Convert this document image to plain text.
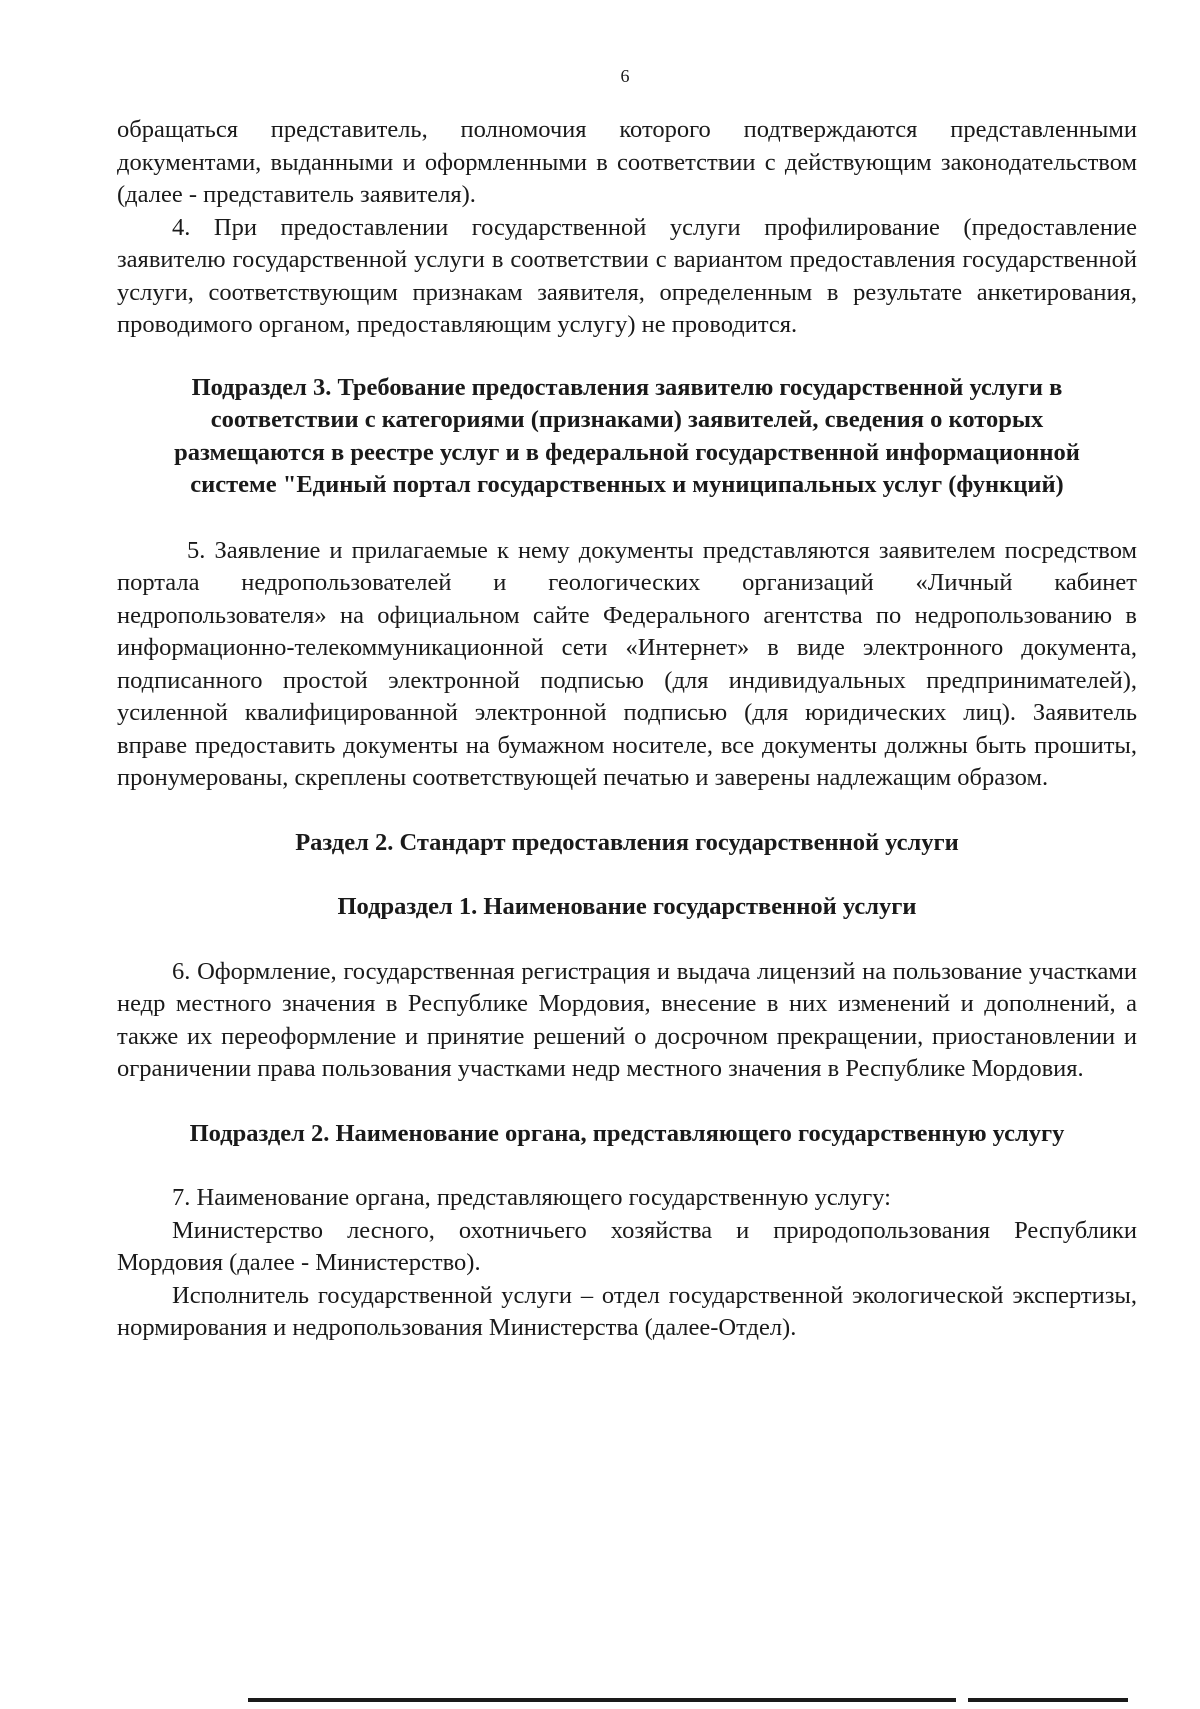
6

обращаться представитель, полномочия которого подтверждаются представленными документами, выданными и оформленными в соответствии с действующим законодательством (далее - представитель заявителя).

4. При предоставлении государственной услуги профилирование (предоставление заявителю государственной услуги в соответствии с вариантом предоставления государственной услуги, соответствующим признакам заявителя, определенным в результате анкетирования, проводимого органом, предоставляющим услугу) не проводится.

Подраздел 3. Требование предоставления заявителю государственной услуги в соответствии с категориями (признаками) заявителей, сведения о которых размещаются в реестре услуг и в федеральной государственной информационной системе "Единый портал государственных и муниципальных услуг (функций)

5. Заявление и прилагаемые к нему документы представляются заявителем посредством портала недропользователей и геологических организаций «Личный кабинет недропользователя» на официальном сайте Федерального агентства по недропользованию в информационно-телекоммуникационной сети «Интернет» в виде электронного документа, подписанного простой электронной подписью (для индивидуальных предпринимателей), усиленной квалифицированной электронной подписью (для юридических лиц). Заявитель вправе предоставить документы на бумажном носителе, все документы должны быть прошиты, пронумерованы, скреплены соответствующей печатью и заверены надлежащим образом.

Раздел 2. Стандарт предоставления государственной услуги

Подраздел 1. Наименование государственной услуги

6. Оформление, государственная регистрация и выдача лицензий на пользование участками недр местного значения в Республике Мордовия, внесение в них изменений и дополнений, а также их переоформление и принятие решений о досрочном прекращении, приостановлении и ограничении права пользования участками недр местного значения в Республике Мордовия.

Подраздел 2. Наименование органа, представляющего государственную услугу

7. Наименование органа, представляющего государственную услугу:

Министерство лесного, охотничьего хозяйства и природопользования Республики Мордовия (далее - Министерство).

Исполнитель государственной услуги – отдел государственной экологической экспертизы, нормирования и недропользования Министерства (далее-Отдел).
